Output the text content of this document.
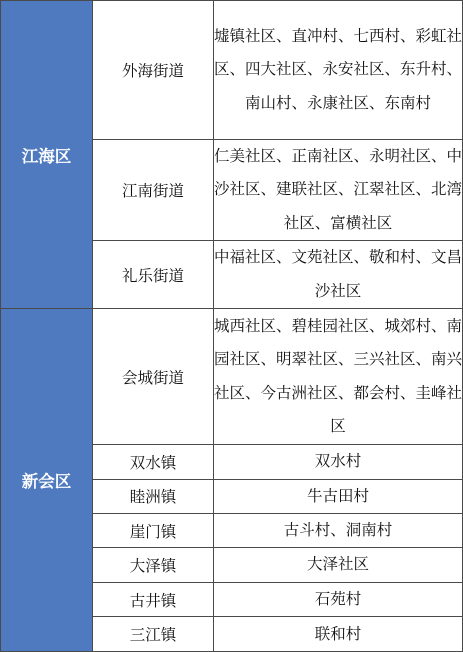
江海区	外海街道	墟镇社区、直冲村、七西村、彩虹社区、四大社区、永安社区、东升村、南山村、永康社区、东南村
	江南街道	仁美社区、正南社区、永明社区、中沙社区、建联社区、江翠社区、北湾社区、富横社区
	礼乐街道	中福社区、文苑社区、敬和村、文昌沙社区
新会区	会城街道	城西社区、碧桂园社区、城郊村、南园社区、明翠社区、三兴社区、南兴社区、今古洲社区、都会村、圭峰社区
	双水镇	双水村
	睦洲镇	牛古田村
	崖门镇	古斗村、洞南村
	大泽镇	大泽社区
	古井镇	石苑村
	三江镇	联和村
